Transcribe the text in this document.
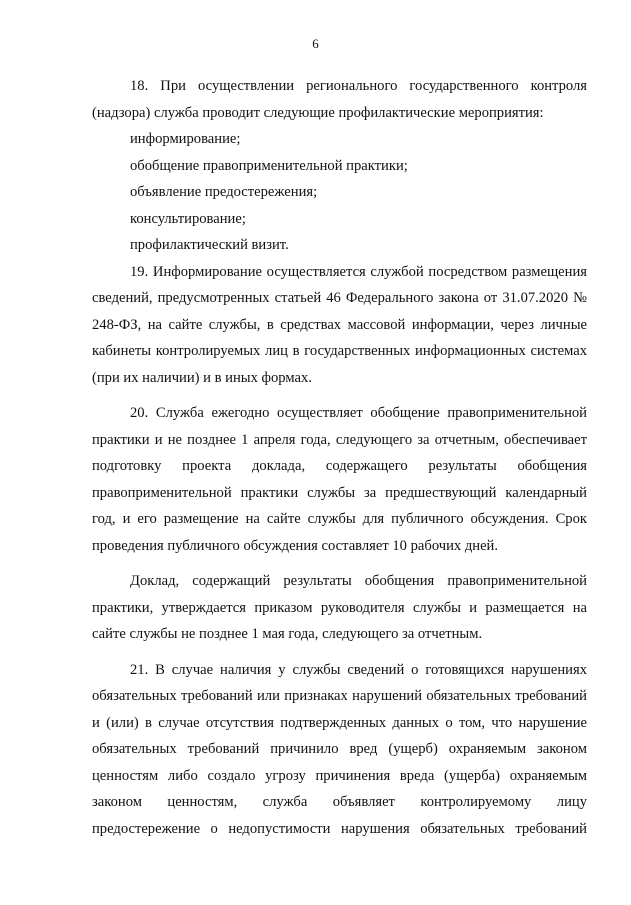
6

18. При осуществлении регионального государственного контроля (надзора) служба проводит следующие профилактические мероприятия:

информирование;

обобщение правоприменительной практики;

объявление предостережения;

консультирование;

профилактический визит.

19. Информирование осуществляется службой посредством размещения сведений, предусмотренных статьей 46 Федерального закона от 31.07.2020 № 248-ФЗ, на сайте службы, в средствах массовой информации, через личные кабинеты контролируемых лиц в государственных информационных системах (при их наличии) и в иных формах.

20. Служба ежегодно осуществляет обобщение правоприменительной практики и не позднее 1 апреля года, следующего за отчетным, обеспечивает подготовку проекта доклада, содержащего результаты обобщения правоприменительной практики службы за предшествующий календарный год, и его размещение на сайте службы для публичного обсуждения. Срок проведения публичного обсуждения составляет 10 рабочих дней.

Доклад, содержащий результаты обобщения правоприменительной практики, утверждается приказом руководителя службы и размещается на сайте службы не позднее 1 мая года, следующего за отчетным.

21. В случае наличия у службы сведений о готовящихся нарушениях обязательных требований или признаках нарушений обязательных требований и (или) в случае отсутствия подтвержденных данных о том, что нарушение обязательных требований причинило вред (ущерб) охраняемым законом ценностям либо создало угрозу причинения вреда (ущерба) охраняемым законом ценностям, служба объявляет контролируемому лицу предостережение о недопустимости нарушения обязательных требований
